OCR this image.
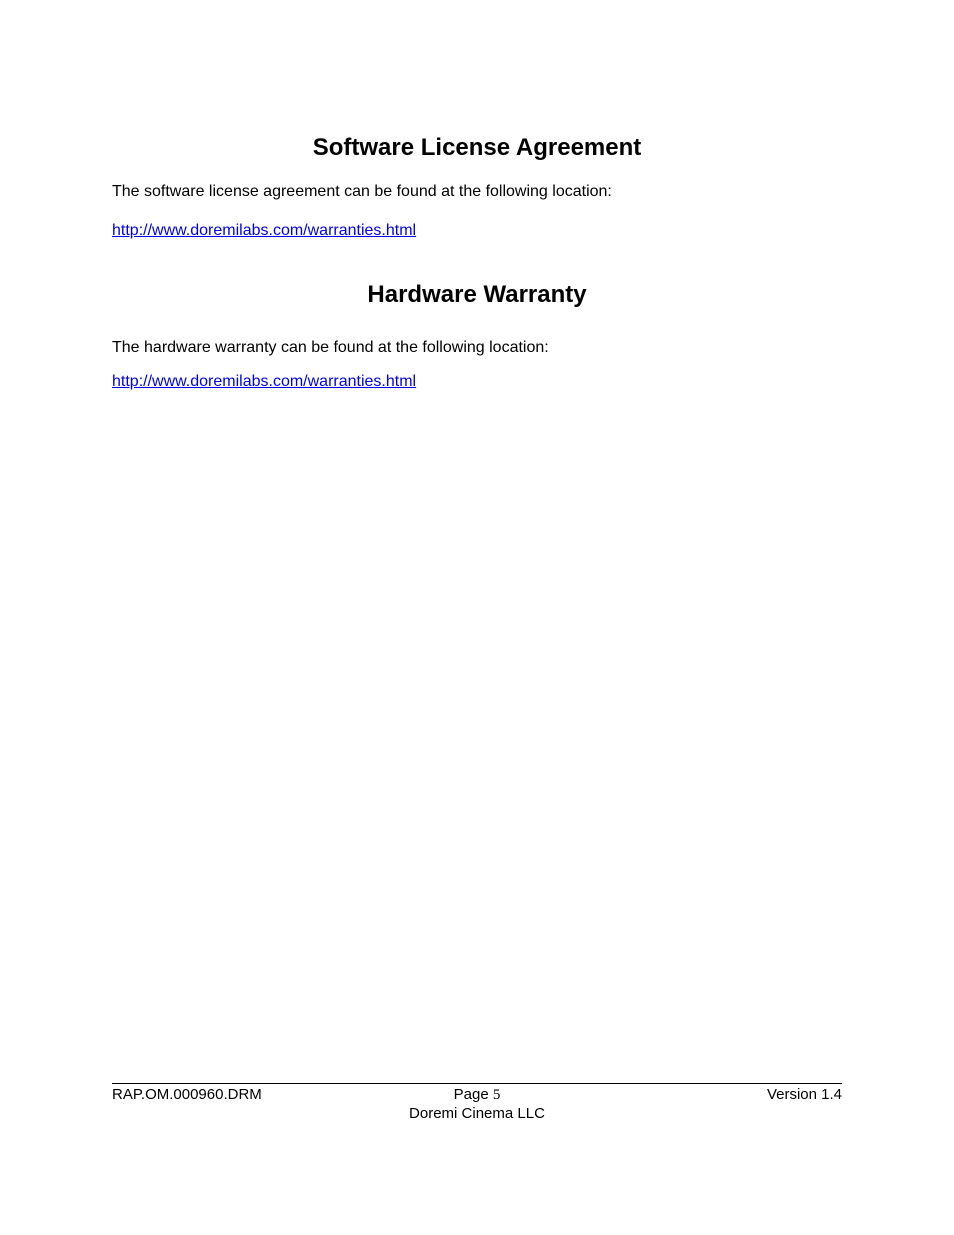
Software License Agreement

The software license agreement can be found at the following location:

http://www.doremilabs.com/warranties.html
Hardware Warranty

The hardware warranty can be found at the following location:

http://www.doremilabs.com/warranties.html
RAP.OM.000960.DRM	Page 5	Version 1.4
Doremi Cinema LLC
